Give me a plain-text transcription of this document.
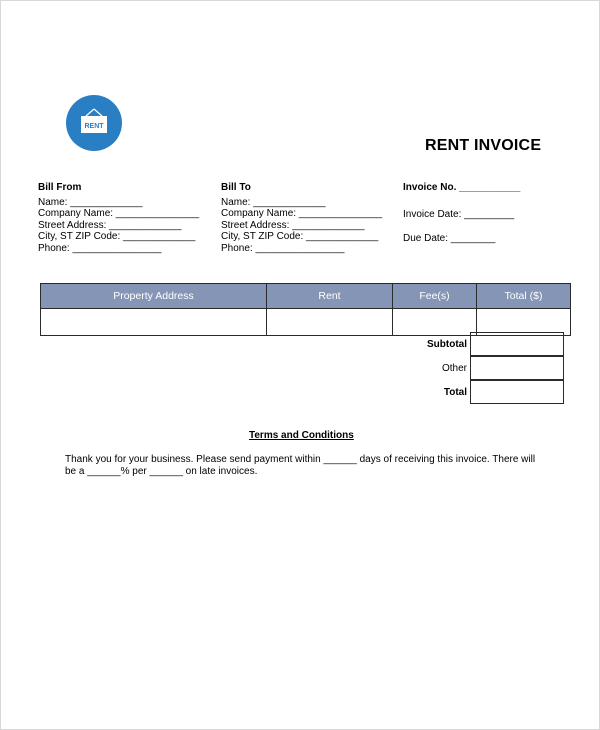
RENT
RENT INVOICE
Bill From
Name: _____________
Company Name: _______________
Street Address: _____________
City, ST ZIP Code: _____________
Phone: ________________
Bill To
Name: _____________
Company Name: _______________
Street Address: _____________
City, ST ZIP Code: _____________
Phone: ________________
Invoice No. ___________
Invoice Date: _________
Due Date: ________
Property Address	Rent	Fee(s)	Total ($)

Subtotal
Other
Total
Terms and Conditions
Thank you for your business. Please send payment within ______ days of receiving this invoice. There will be a ______% per ______ on late invoices.
